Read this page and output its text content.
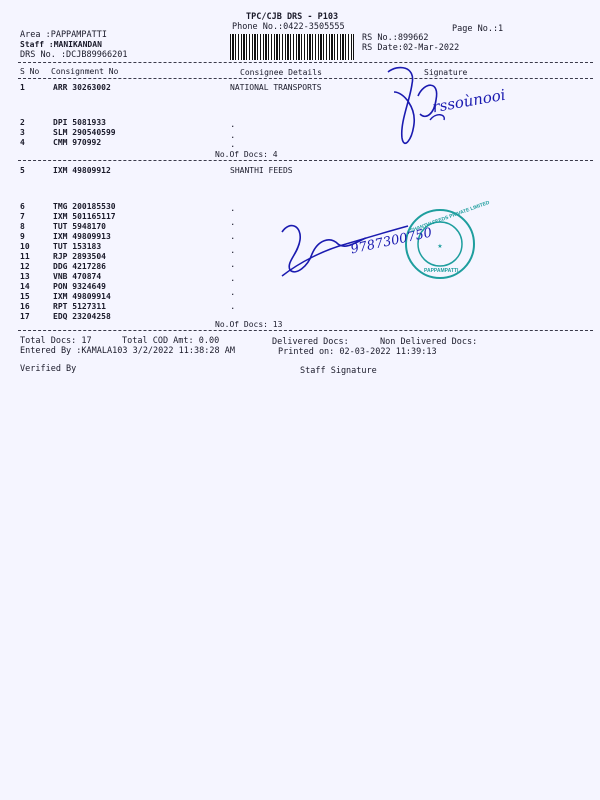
TPC/CJB DRS - P103
Phone No.:0422-3505555	Page No.:1
Area :PAPPAMPATTI
Staff :MANIKANDAN
DRS No. :DCJB89966201
RS No.:899662
RS Date:02-Mar-2022
S No Consignment No	Consignee Details	Signature
1	ARR 30263002	NATIONAL TRANSPORTS
2	DPI 5081933
3	SLM 290540599
4	CMM 970992
.
.
.
No.Of Docs: 4
5	IXM 49809912	SHANTHI FEEDS
6	TMG 200185530
7	IXM 501165117
8	TUT 5948170
9	IXM 49809913
10	TUT 153183
11	RJP 2893504
12	DDG 4217286
13	VNB 470874
14	PON 9324649
15	IXM 49809914
16	RPT 5127311
17	EDQ 23204258
.
.
.
.
.
.
.
.
No.Of Docs: 13
Total Docs: 17	Total COD Amt: 0.00	Delivered Docs:	Non Delivered Docs:
Entered By :KAMALA103 3/2/2022 11:38:28 AM	Printed on: 02-03-2022 11:39:13
Verified By	Staff Signature
★
rssoùnooi
9787300750
SHANTHI FEEDS PRIVATE LIMITED
PAPPAMPATTI
